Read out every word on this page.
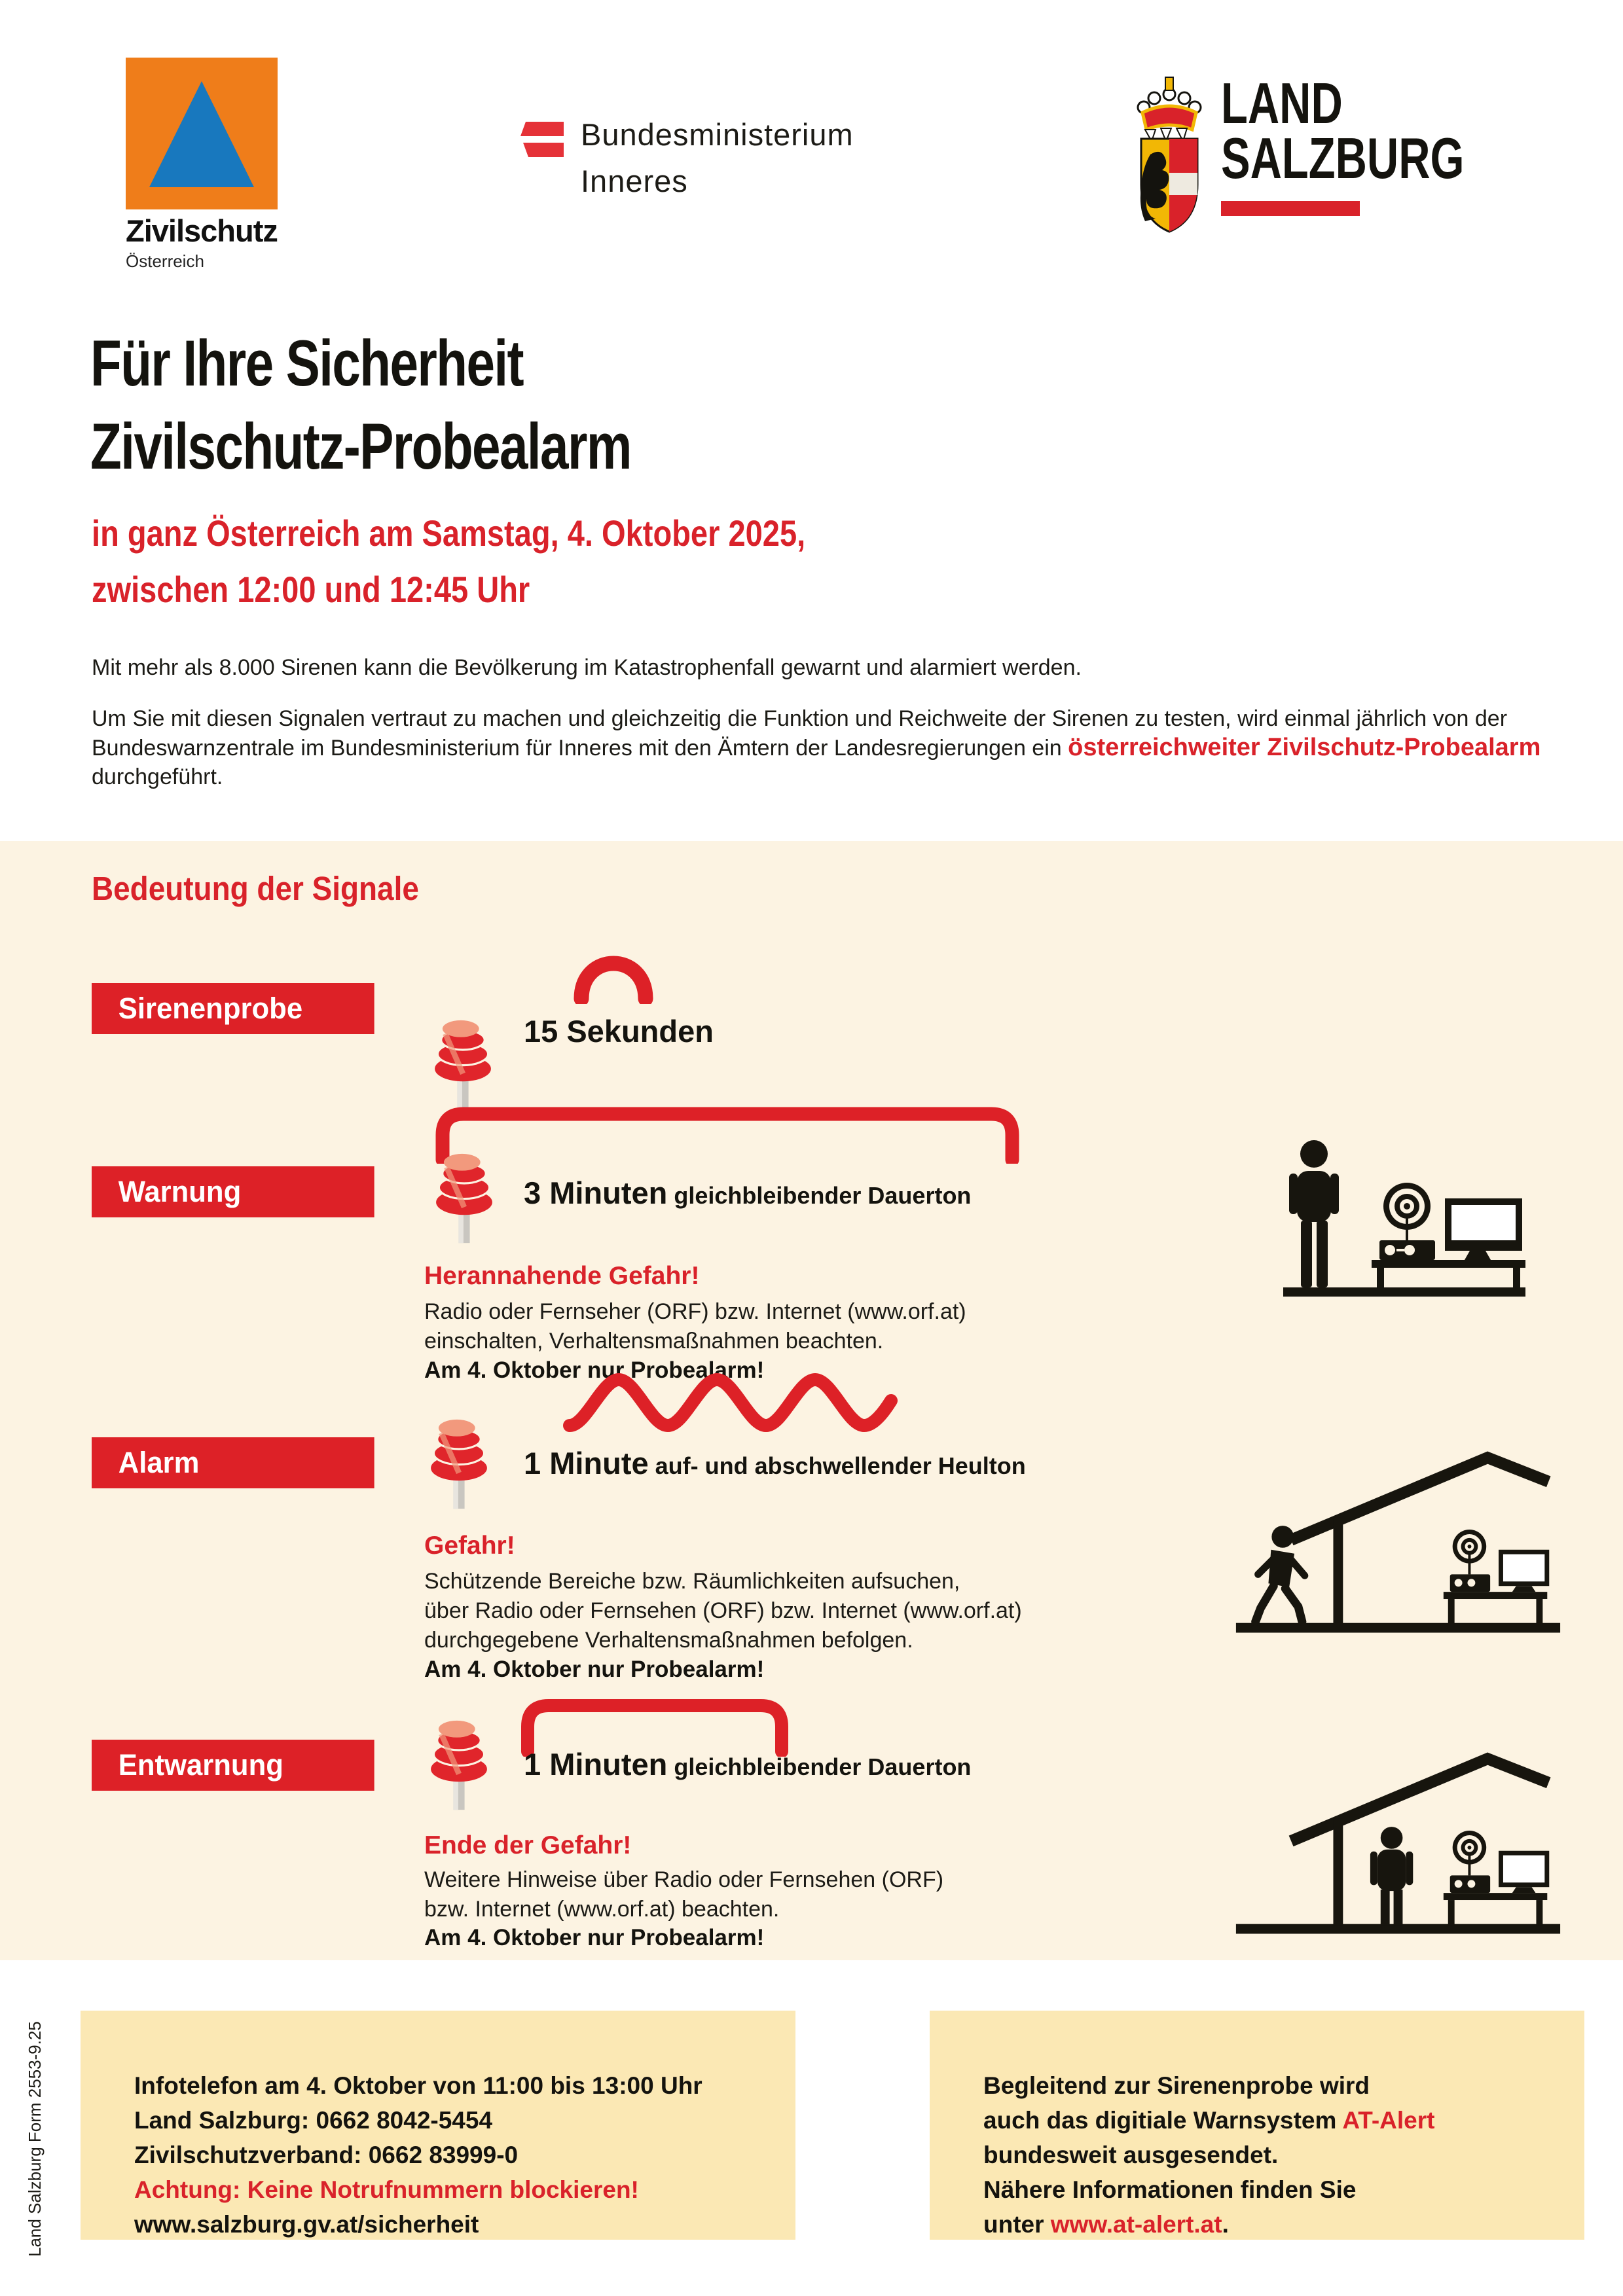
Zivilschutz
Österreich
Bundesministerium
Inneres
LAND
SALZBURG
Für Ihre Sicherheit
Zivilschutz-Probealarm
in ganz Österreich am Samstag, 4. Oktober 2025,
zwischen 12:00 und 12:45 Uhr
Mit mehr als 8.000 Sirenen kann die Bevölkerung im Katastrophenfall gewarnt und alarmiert werden.
Um Sie mit diesen Signalen vertraut zu machen und gleichzeitig die Funktion und Reichweite der Sirenen zu testen, wird einmal jährlich von der Bundeswarnzentrale im Bundesministerium für Inneres mit den Ämtern der Landesregierungen ein österreichweiter Zivilschutz-Probealarm durchgeführt.
Bedeutung der Signale
Sirenenprobe
15 Sekunden
Warnung	3 Minuten gleichbleibender Dauerton
Herannahende Gefahr!
Radio oder Fernseher (ORF) bzw. Internet (www.orf.at)
einschalten, Verhaltensmaßnahmen beachten.
Am 4. Oktober nur Probealarm!
Alarm	1 Minute auf- und abschwellender Heulton
Gefahr!
Schützende Bereiche bzw. Räumlichkeiten aufsuchen,
über Radio oder Fernsehen (ORF) bzw. Internet (www.orf.at)
durchgegebene Verhaltensmaßnahmen befolgen.
Am 4. Oktober nur Probealarm!
Entwarnung	1 Minuten gleichbleibender Dauerton
Ende der Gefahr!
Weitere Hinweise über Radio oder Fernsehen (ORF)
bzw. Internet (www.orf.at) beachten.
Am 4. Oktober nur Probealarm!
Infotelefon am 4. Oktober von 11:00 bis 13:00 Uhr
Land Salzburg: 0662 8042-5454
Zivilschutzverband: 0662 83999-0
Achtung: Keine Notrufnummern blockieren!
www.salzburg.gv.at/sicherheit
Begleitend zur Sirenenprobe wird
auch das digitiale Warnsystem AT-Alert
bundesweit ausgesendet.
Nähere Informationen finden Sie
unter www.at-alert.at.
Land Salzburg Form 2553-9.25
